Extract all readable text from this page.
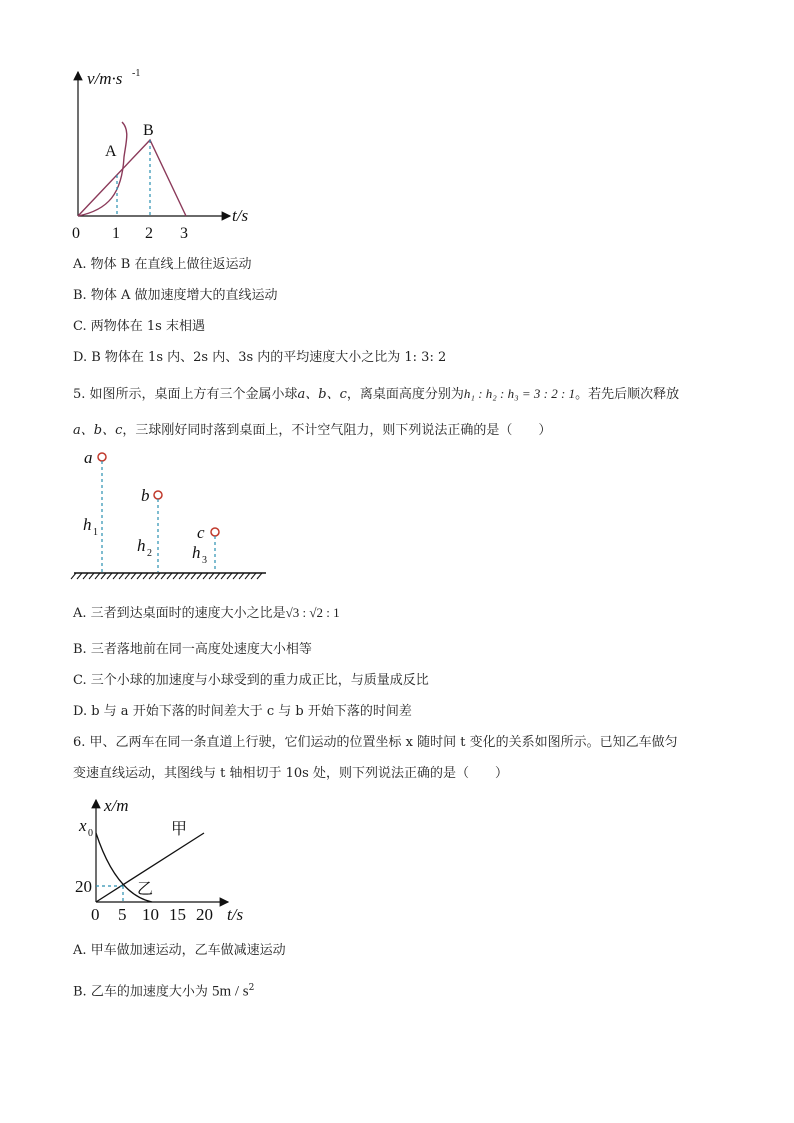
v/m·s -1
t/s
A
B
0 1 2 3
A. 物体 B 在直线上做往返运动
B. 物体 A 做加速度增大的直线运动
C. 两物体在 1s 末相遇
D. B 物体在 1s 内、2s 内、3s 内的平均速度大小之比为 1: 3: 2
5. 如图所示，桌面上方有三个金属小球a、b、c，离桌面高度分别为h₁ : h₂ : h₃ = 3 : 2 : 1。若先后顺次释放
a、b、c，三球刚好同时落到桌面上，不计空气阻力，则下列说法正确的是（　　）
a
b
c
h 1
h 2 h 3
A. 三者到达桌面时的速度大小之比是√3 : √2 : 1
B. 三者落地前在同一高度处速度大小相等
C. 三个小球的加速度与小球受到的重力成正比，与质量成反比
D. b 与 a 开始下落的时间差大于 c 与 b 开始下落的时间差
6. 甲、乙两车在同一条直道上行驶，它们运动的位置坐标 x 随时间 t 变化的关系如图所示。已知乙车做匀
变速直线运动，其图线与 t 轴相切于 10s 处，则下列说法正确的是（　　）
x/m
t/s
x 0
20
甲
乙
0 5 10 15 20
A. 甲车做加速运动，乙车做减速运动
B. 乙车的加速度大小为 $5m / s^2$
